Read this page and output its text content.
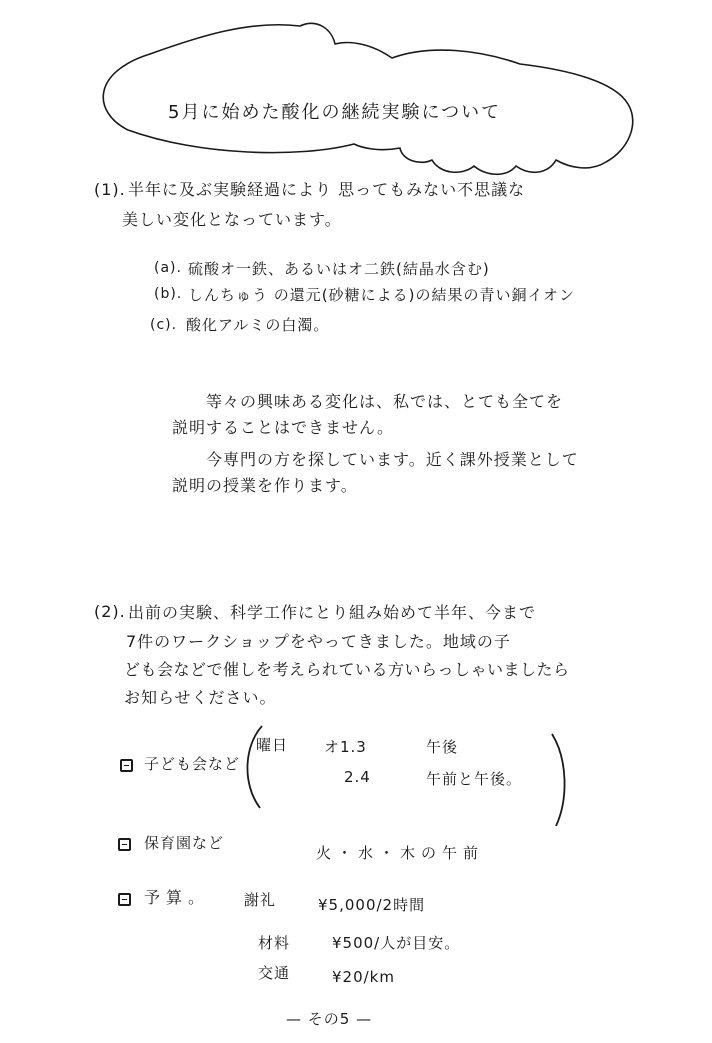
5月に始めた酸化の継続実験について
(1). 半年に及ぶ実験経過により 思ってもみない不思議な
美しい変化となっています。
(a). 硫酸オ一鉄、あるいはオ二鉄(結晶水含む)
(b). しんちゅう の還元(砂糖による)の結果の青い銅イオン
(c). 酸化アルミの白濁。
等々の興味ある変化は、私では、とても全てを
説明することはできません。
今専門の方を探しています。近く課外授業として
説明の授業を作ります。
(2). 出前の実験、科学工作にとり組み始めて半年、今まで
7件のワークショップをやってきました。地域の子
ども会などで催しを考えられている方いらっしゃいましたら
お知らせください。
子ども会など
曜日 オ1.3	午後
2.4	午前と午後。
保育園など
火・水・木の午前
予算。 謝礼	¥5,000/2時間
材料	¥500/人が目安。
交通	¥20/km
— その5 —
